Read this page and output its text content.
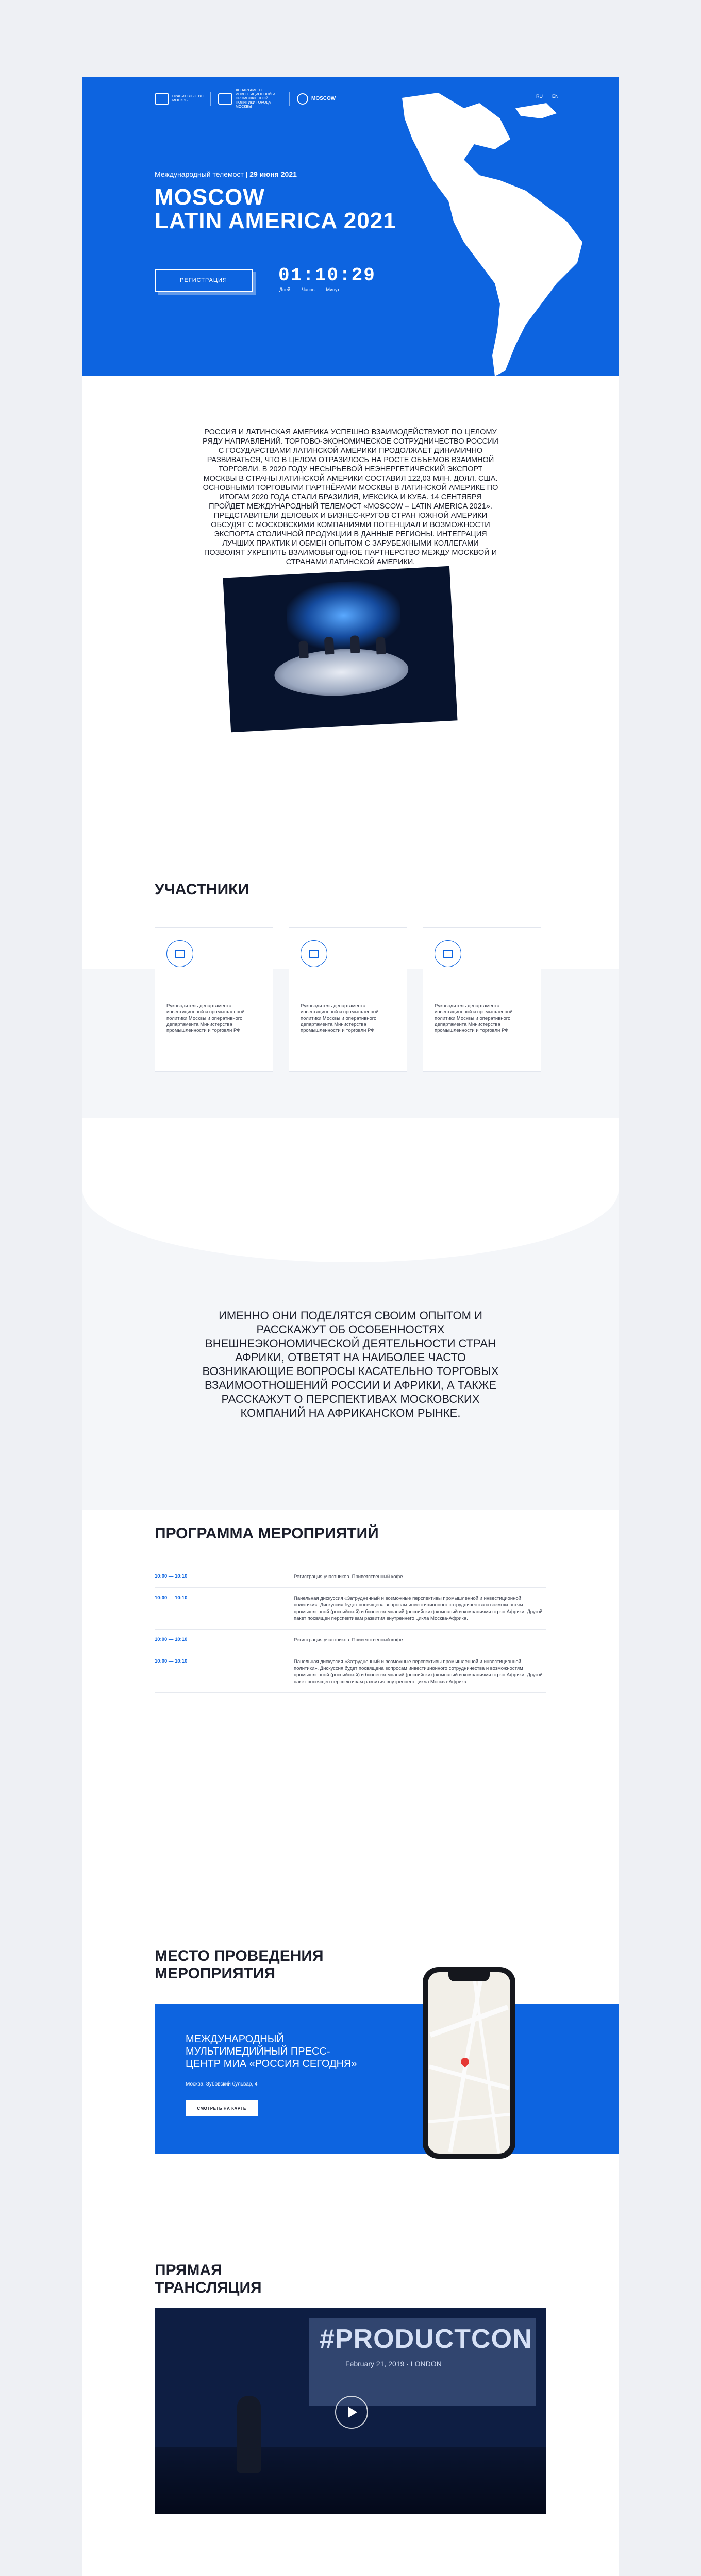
ПРАВИТЕЛЬСТВО МОСКВЫ
ДЕПАРТАМЕНТ ИНВЕСТИЦИОННОЙ И ПРОМЫШЛЕННОЙ ПОЛИТИКИ ГОРОДА МОСКВЫ
MOSCOW	RU EN
Международный телемост | 29 июня 2021
MOSCOW
LATIN AMERICA 2021
РЕГИСТРАЦИЯ	01:10:29
Дней Часов Минут

РОССИЯ И ЛАТИНСКАЯ АМЕРИКА УСПЕШНО ВЗАИМОДЕЙСТВУЮТ ПО ЦЕЛОМУ РЯДУ НАПРАВЛЕНИЙ. ТОРГОВО-ЭКОНОМИЧЕСКОЕ СОТРУДНИЧЕСТВО РОССИИ С ГОСУДАРСТВАМИ ЛАТИНСКОЙ АМЕРИКИ ПРОДОЛЖАЕТ ДИНАМИЧНО РАЗВИВАТЬСЯ, ЧТО В ЦЕЛОМ ОТРАЗИЛОСЬ НА РОСТЕ ОБЪЕМОВ ВЗАИМНОЙ ТОРГОВЛИ. В 2020 ГОДУ НЕСЫРЬЕВОЙ НЕЭНЕРГЕТИЧЕСКИЙ ЭКСПОРТ МОСКВЫ В СТРАНЫ ЛАТИНСКОЙ АМЕРИКИ СОСТАВИЛ 122,03 МЛН. ДОЛЛ. США. ОСНОВНЫМИ ТОРГОВЫМИ ПАРТНЁРАМИ МОСКВЫ В ЛАТИНСКОЙ АМЕРИКЕ ПО ИТОГАМ 2020 ГОДА СТАЛИ БРАЗИЛИЯ, МЕКСИКА И КУБА. 14 СЕНТЯБРЯ ПРОЙДЕТ МЕЖДУНАРОДНЫЙ ТЕЛЕМОСТ «MOSCOW – LATIN AMERICA 2021». ПРЕДСТАВИТЕЛИ ДЕЛОВЫХ И БИЗНЕС-КРУГОВ СТРАН ЮЖНОЙ АМЕРИКИ ОБСУДЯТ С МОСКОВСКИМИ КОМПАНИЯМИ ПОТЕНЦИАЛ И ВОЗМОЖНОСТИ ЭКСПОРТА СТОЛИЧНОЙ ПРОДУКЦИИ В ДАННЫЕ РЕГИОНЫ. ИНТЕГРАЦИЯ ЛУЧШИХ ПРАКТИК И ОБМЕН ОПЫТОМ С ЗАРУБЕЖНЫМИ КОЛЛЕГАМИ ПОЗВОЛЯТ УКРЕПИТЬ ВЗАИМОВЫГОДНОЕ ПАРТНЕРСТВО МЕЖДУ МОСКВОЙ И СТРАНАМИ ЛАТИНСКОЙ АМЕРИКИ.

УЧАСТНИКИ

Руководитель департамента инвестиционной и промышленной политики Москвы и оперативного департамента Министерства промышленности и торговли РФ

Руководитель департамента инвестиционной и промышленной политики Москвы и оперативного департамента Министерства промышленности и торговли РФ

Руководитель департамента инвестиционной и промышленной политики Москвы и оперативного департамента Министерства промышленности и торговли РФ

ИМЕННО ОНИ ПОДЕЛЯТСЯ СВОИМ ОПЫТОМ И РАССКАЖУТ ОБ ОСОБЕННОСТЯХ ВНЕШНЕЭКОНОМИЧЕСКОЙ ДЕЯТЕЛЬНОСТИ СТРАН АФРИКИ, ОТВЕТЯТ НА НАИБОЛЕЕ ЧАСТО ВОЗНИКАЮЩИЕ ВОПРОСЫ КАСАТЕЛЬНО ТОРГОВЫХ ВЗАИМООТНОШЕНИЙ РОССИИ И АФРИКИ, А ТАКЖЕ РАССКАЖУТ О ПЕРСПЕКТИВАХ МОСКОВСКИХ КОМПАНИЙ НА АФРИКАНСКОМ РЫНКЕ.

ПРОГРАММА МЕРОПРИЯТИЙ
10:00 — 10:10	Регистрация участников. Приветственный кофе.
10:00 — 10:10	Панельная дискуссия «Затрудненный и возможные перспективы промышленной и инвестиционной политики». Дискуссия будет посвящена вопросам инвестиционного сотрудничества и возможностям промышленной (российской) и бизнес-компаний (российских) компаний и компаниями стран Африки. Другой пакет посвящен перспективам развития внутреннего цикла Москва-Африка.
10:00 — 10:10	Регистрация участников. Приветственный кофе.
10:00 — 10:10	Панельная дискуссия «Затрудненный и возможные перспективы промышленной и инвестиционной политики». Дискуссия будет посвящена вопросам инвестиционного сотрудничества и возможностям промышленной (российской) и бизнес-компаний (российских) компаний и компаниями стран Африки. Другой пакет посвящен перспективам развития внутреннего цикла Москва-Африка.
МЕСТО ПРОВЕДЕНИЯ МЕРОПРИЯТИЯ
МЕЖДУНАРОДНЫЙ МУЛЬТИМЕДИЙНЫЙ ПРЕСС-ЦЕНТР МИА «РОССИЯ СЕГОДНЯ»
Москва, Зубовский бульвар, 4
СМОТРЕТЬ НА КАРТЕ
ПРЯМАЯ ТРАНСЛЯЦИЯ
#PRODUCTCON
February 21, 2019 · LONDON
